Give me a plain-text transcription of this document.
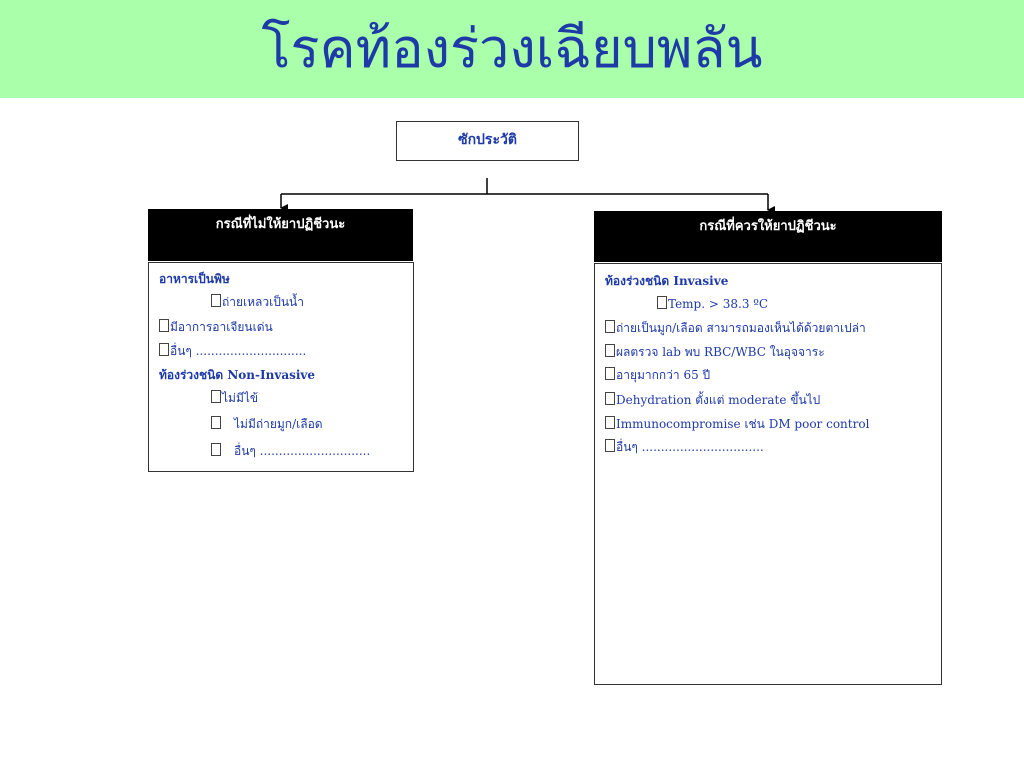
โรคท้องร่วงเฉียบพลัน
ซักประวัติ
กรณีที่ไม่ให้ยาปฏิชีวนะ
อาหารเป็นพิษ
ถ่ายเหลวเป็นน้ำ
มีอาการอาเจียนเด่น
อื่นๆ .............................
ท้องร่วงชนิด Non-Invasive
ไม่มีไข้
ไม่มีถ่ายมูก/เลือด
อื่นๆ .............................
กรณีที่ควรให้ยาปฏิชีวนะ
ท้องร่วงชนิด Invasive
Temp. > 38.3 ºC
ถ่ายเป็นมูก/เลือด สามารถมองเห็นได้ด้วยตาเปล่า
ผลตรวจ lab พบ RBC/WBC ในอุจจาระ
อายุมากกว่า 65 ปี
Dehydration ตั้งแต่ moderate ขึ้นไป
Immunocompromise เช่น DM poor control
อื่นๆ ................................
